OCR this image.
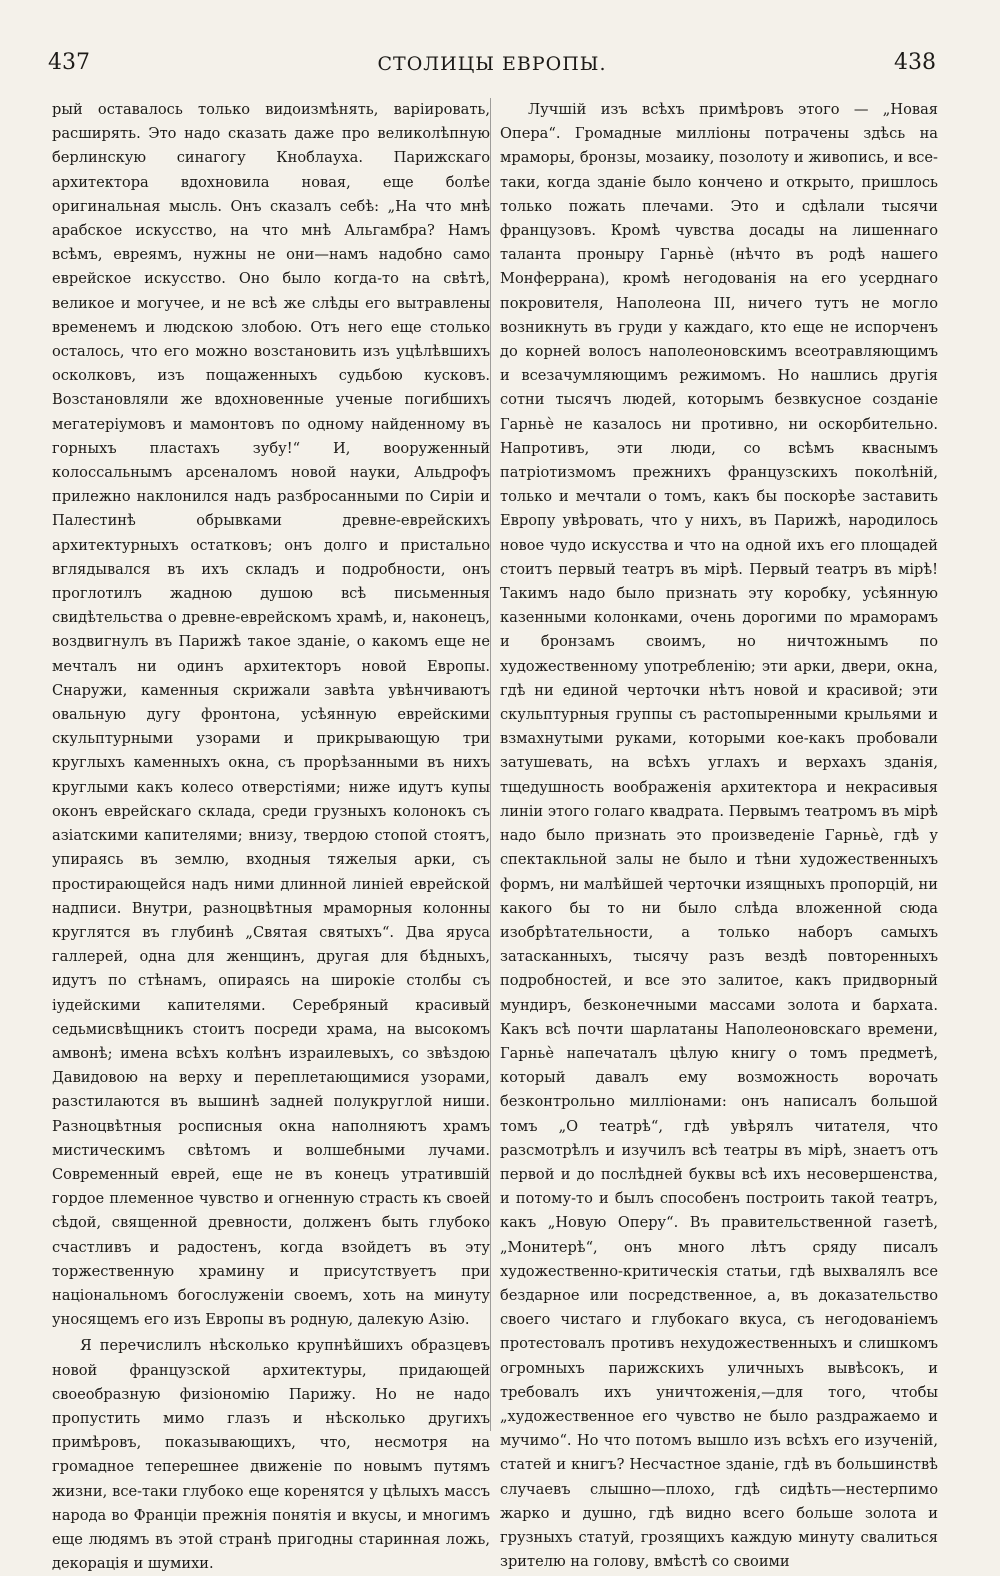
437	СТОЛИЦЫ ЕВРОПЫ.	438

рый оставалось только видоизмѣнять, варіировать, расширять. Это надо сказать даже про великолѣпную берлинскую синагогу Кноблауха. Парижскаго архитектора вдохновила новая, еще болѣе оригинальная мысль. Онъ сказалъ себѣ: „На что мнѣ арабское искусство, на что мнѣ Альгамбра? Намъ всѣмъ, евреямъ, нужны не они—намъ надобно само еврейское искусство. Оно было когда-то на свѣтѣ, великое и могучее, и не всѣ же слѣды его вытравлены временемъ и людскою злобою. Отъ него еще столько осталось, что его можно возстановить изъ уцѣлѣвшихъ осколковъ, изъ пощаженныхъ судьбою кусковъ. Возстановляли же вдохновенные ученые погибшихъ мегатеріумовъ и мамонтовъ по одному найденному въ горныхъ пластахъ зубу!“ И, вооруженный колоссальнымъ арсеналомъ новой науки, Альдрофъ прилежно наклонился надъ разбросанными по Сиріи и Палестинѣ обрывками древне-еврейскихъ архитектурныхъ остатковъ; онъ долго и пристально вглядывался въ ихъ складъ и подробности, онъ проглотилъ жадною душою всѣ письменныя свидѣтельства о древне-еврейскомъ храмѣ, и, наконецъ, воздвигнулъ въ Парижѣ такое зданіе, о какомъ еще не мечталъ ни одинъ архитекторъ новой Европы. Снаружи, каменныя скрижали завѣта увѣнчиваютъ овальную дугу фронтона, усѣянную еврейскими скульптурными узорами и прикрывающую три круглыхъ каменныхъ окна, съ прорѣзанными въ нихъ круглыми какъ колесо отверстіями; ниже идутъ купы оконъ еврейскаго склада, среди грузныхъ колонокъ съ азіатскими капителями; внизу, твердою стопой стоятъ, упираясь въ землю, входныя тяжелыя арки, съ простирающейся надъ ними длинной линіей еврейской надписи. Внутри, разноцвѣтныя мраморныя колонны круглятся въ глубинѣ „Святая святыхъ“. Два яруса галлерей, одна для женщинъ, другая для бѣдныхъ, идутъ по стѣнамъ, опираясь на широкіе столбы съ іудейскими капителями. Серебряный красивый седьмисвѣщникъ стоитъ посреди храма, на высокомъ амвонѣ; имена всѣхъ колѣнъ израилевыхъ, со звѣздою Давидовою на верху и переплетающимися узорами, разстилаются въ вышинѣ задней полукруглой ниши. Разноцвѣтныя росписныя окна наполняютъ храмъ мистическимъ свѣтомъ и волшебными лучами. Современный еврей, еще не въ конецъ утратившій гордое племенное чувство и огненную страсть къ своей сѣдой, священной древности, долженъ быть глубоко счастливъ и радостенъ, когда взойдетъ въ эту торжественную храмину и присутствуетъ при національномъ богослуженіи своемъ, хоть на минуту уносящемъ его изъ Европы въ родную, далекую Азію.

Я перечислилъ нѣсколько крупнѣйшихъ образцевъ новой французской архитектуры, придающей своеобразную физіономію Парижу. Но не надо пропустить мимо глазъ и нѣсколько другихъ примѣровъ, показывающихъ, что, несмотря на громадное теперешнее движеніе по новымъ путямъ жизни, все-таки глубоко еще коренятся у цѣлыхъ массъ народа во Франціи прежнія понятія и вкусы, и многимъ еще людямъ въ этой странѣ пригодны старинная ложь, декорація и шумихи.

Лучшій изъ всѣхъ примѣровъ этого — „Новая Опера“. Громадные милліоны потрачены здѣсь на мраморы, бронзы, мозаику, позолоту и живопись, и все-таки, когда зданіе было кончено и открыто, пришлось только пожать плечами. Это и сдѣлали тысячи французовъ. Кромѣ чувства досады на лишеннаго таланта проныру Гарньѐ (нѣчто въ родѣ нашего Монферрана), кромѣ негодованія на его усерднаго покровителя, Наполеона III, ничего тутъ не могло возникнуть въ груди у каждаго, кто еще не испорченъ до корней волосъ наполеоновскимъ всеотравляющимъ и всезачумляющимъ режимомъ. Но нашлись другія сотни тысячъ людей, которымъ безвкусное созданіе Гарньѐ не казалось ни противно, ни оскорбительно. Напротивъ, эти люди, со всѣмъ кваснымъ патріотизмомъ прежнихъ французскихъ поколѣній, только и мечтали о томъ, какъ бы поскорѣе заставить Европу увѣровать, что у нихъ, въ Парижѣ, народилось новое чудо искусства и что на одной ихъ его площадей стоитъ первый театръ въ мірѣ. Первый театръ въ мірѣ! Такимъ надо было признать эту коробку, усѣянную казенными колонками, очень дорогими по мраморамъ и бронзамъ своимъ, но ничтожнымъ по художественному употребленію; эти арки, двери, окна, гдѣ ни единой черточки нѣтъ новой и красивой; эти скульптурныя группы съ растопыренными крыльями и взмахнутыми руками, которыми кое-какъ пробовали затушевать, на всѣхъ углахъ и верхахъ зданія, тщедушность воображенія архитектора и некрасивыя линіи этого голаго квадрата. Первымъ театромъ въ мірѣ надо было признать это произведеніе Гарньѐ, гдѣ у спектакльной залы не было и тѣни художественныхъ формъ, ни малѣйшей черточки изящныхъ пропорцій, ни какого бы то ни было слѣда вложенной сюда изобрѣтательности, а только наборъ самыхъ затасканныхъ, тысячу разъ вездѣ повторенныхъ подробностей, и все это залитое, какъ придворный мундиръ, безконечными массами золота и бархата. Какъ всѣ почти шарлатаны Наполеоновскаго времени, Гарньѐ напечаталъ цѣлую книгу о томъ предметѣ, который давалъ ему возможность ворочать безконтрольно милліонами: онъ написалъ большой томъ „О театрѣ“, гдѣ увѣрялъ читателя, что разсмотрѣлъ и изучилъ всѣ театры въ мірѣ, знаетъ отъ первой и до послѣдней буквы всѣ ихъ несовершенства, и потому-то и былъ способенъ построить такой театръ, какъ „Новую Оперу“. Въ правительственной газетѣ, „Монитерѣ“, онъ много лѣтъ сряду писалъ художественно-критическія статьи, гдѣ выхвалялъ все бездарное или посредственное, а, въ доказательство своего чистаго и глубокаго вкуса, съ негодованіемъ протестовалъ противъ нехудожественныхъ и слишкомъ огромныхъ парижскихъ уличныхъ вывѣсокъ, и требовалъ ихъ уничтоженія,—для того, чтобы „художественное его чувство не было раздражаемо и мучимо“. Но что потомъ вышло изъ всѣхъ его изученій, статей и книгъ? Несчастное зданіе, гдѣ въ большинствѣ случаевъ слышно—плохо, гдѣ сидѣть—нестерпимо жарко и душно, гдѣ видно всего больше золота и грузныхъ статуй, грозящихъ каждую минуту свалиться зрителю на голову, вмѣстѣ со своими
